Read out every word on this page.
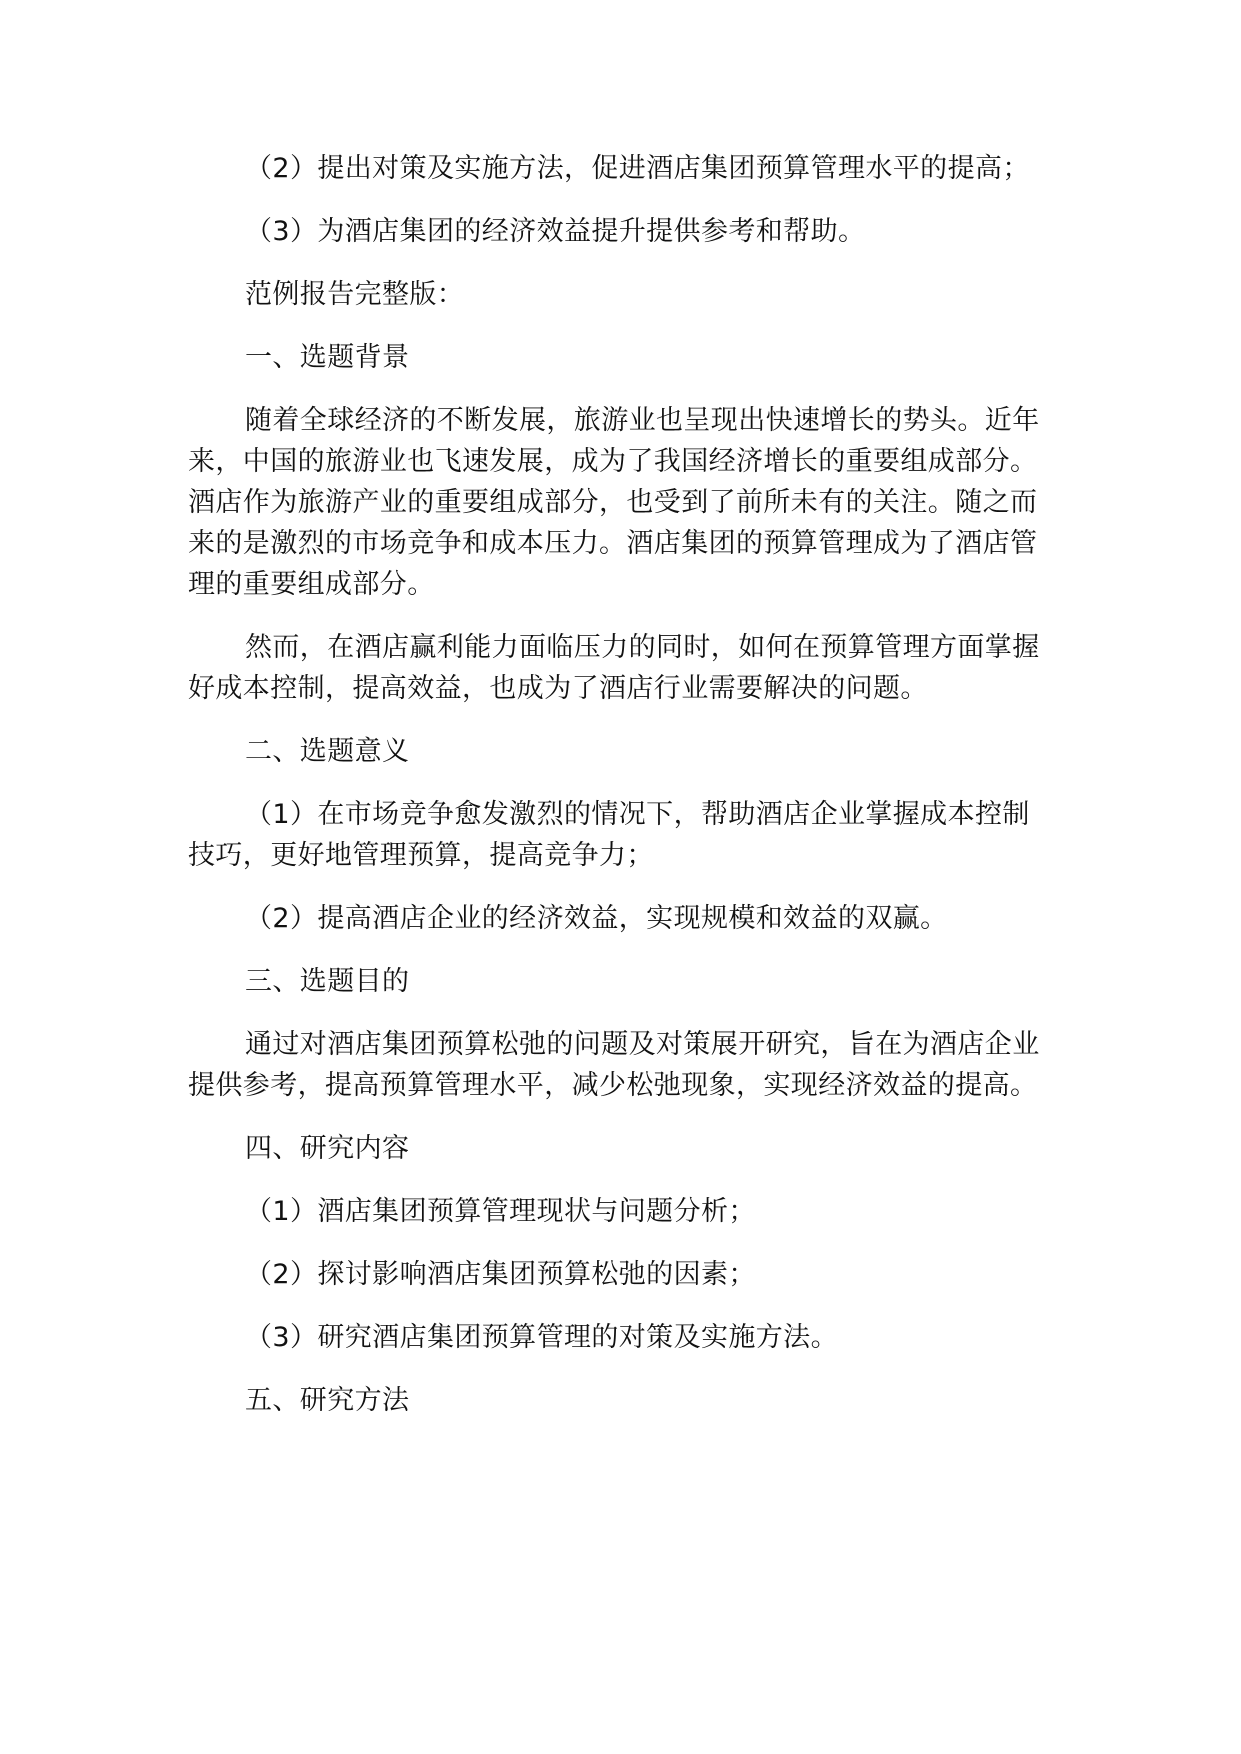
（2）提出对策及实施方法，促进酒店集团预算管理水平的提高；

（3）为酒店集团的经济效益提升提供参考和帮助。

范例报告完整版：

一、选题背景

随着全球经济的不断发展，旅游业也呈现出快速增长的势头。近年来，中国的旅游业也飞速发展，成为了我国经济增长的重要组成部分。酒店作为旅游产业的重要组成部分，也受到了前所未有的关注。随之而来的是激烈的市场竞争和成本压力。酒店集团的预算管理成为了酒店管理的重要组成部分。

然而，在酒店赢利能力面临压力的同时，如何在预算管理方面掌握好成本控制，提高效益，也成为了酒店行业需要解决的问题。

二、选题意义

（1）在市场竞争愈发激烈的情况下，帮助酒店企业掌握成本控制技巧，更好地管理预算，提高竞争力；

（2）提高酒店企业的经济效益，实现规模和效益的双赢。

三、选题目的

通过对酒店集团预算松弛的问题及对策展开研究，旨在为酒店企业提供参考，提高预算管理水平，减少松弛现象，实现经济效益的提高。

四、研究内容

（1）酒店集团预算管理现状与问题分析；

（2）探讨影响酒店集团预算松弛的因素；

（3）研究酒店集团预算管理的对策及实施方法。

五、研究方法
